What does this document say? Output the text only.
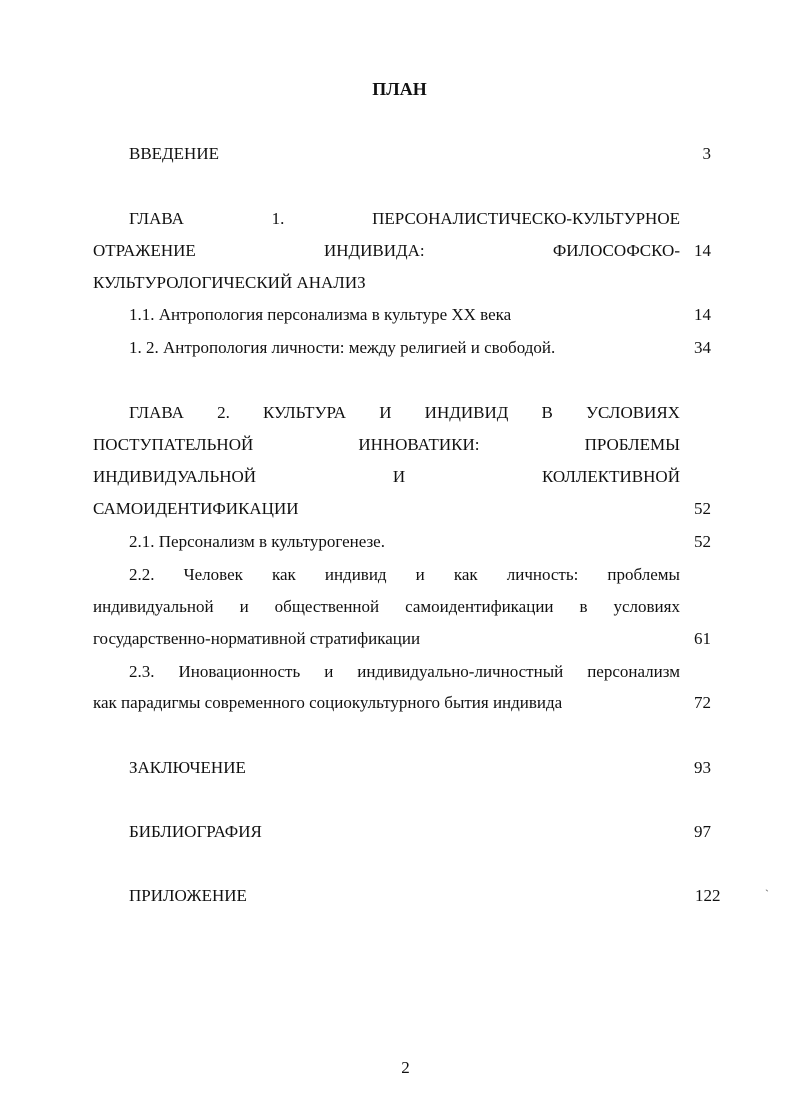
ПЛАН
ВВЕДЕНИЕ	3
ГЛАВА	1.	ПЕРСОНАЛИСТИЧЕСКО-КУЛЬТУРНОЕ
ОТРАЖЕНИЕ	ИНДИВИДА:	ФИЛОСОФСКО- 14
КУЛЬТУРОЛОГИЧЕСКИЙ АНАЛИЗ
1.1. Антропология персонализма в культуре XX века	14
1. 2. Антропология личности: между религией и свободой.	34
ГЛАВА 2. КУЛЬТУРА И ИНДИВИД В УСЛОВИЯХ
ПОСТУПАТЕЛЬНОЙ	ИННОВАТИКИ:	ПРОБЛЕМЫ
ИНДИВИДУАЛЬНОЙ	И	КОЛЛЕКТИВНОЙ
САМОИДЕНТИФИКАЦИИ	52
2.1. Персонализм в культурогенезе.	52
2.2. Человек как индивид и как личность: проблемы
индивидуальной и общественной самоидентификации в условиях
государственно-нормативной стратификации	61
2.3. Иновационность и индивидуально-личностный персонализм
как парадигмы современного социокультурного бытия индивида	72
ЗАКЛЮЧЕНИЕ	93
БИБЛИОГРАФИЯ	97
ПРИЛОЖЕНИЕ	122
ˏ
2
